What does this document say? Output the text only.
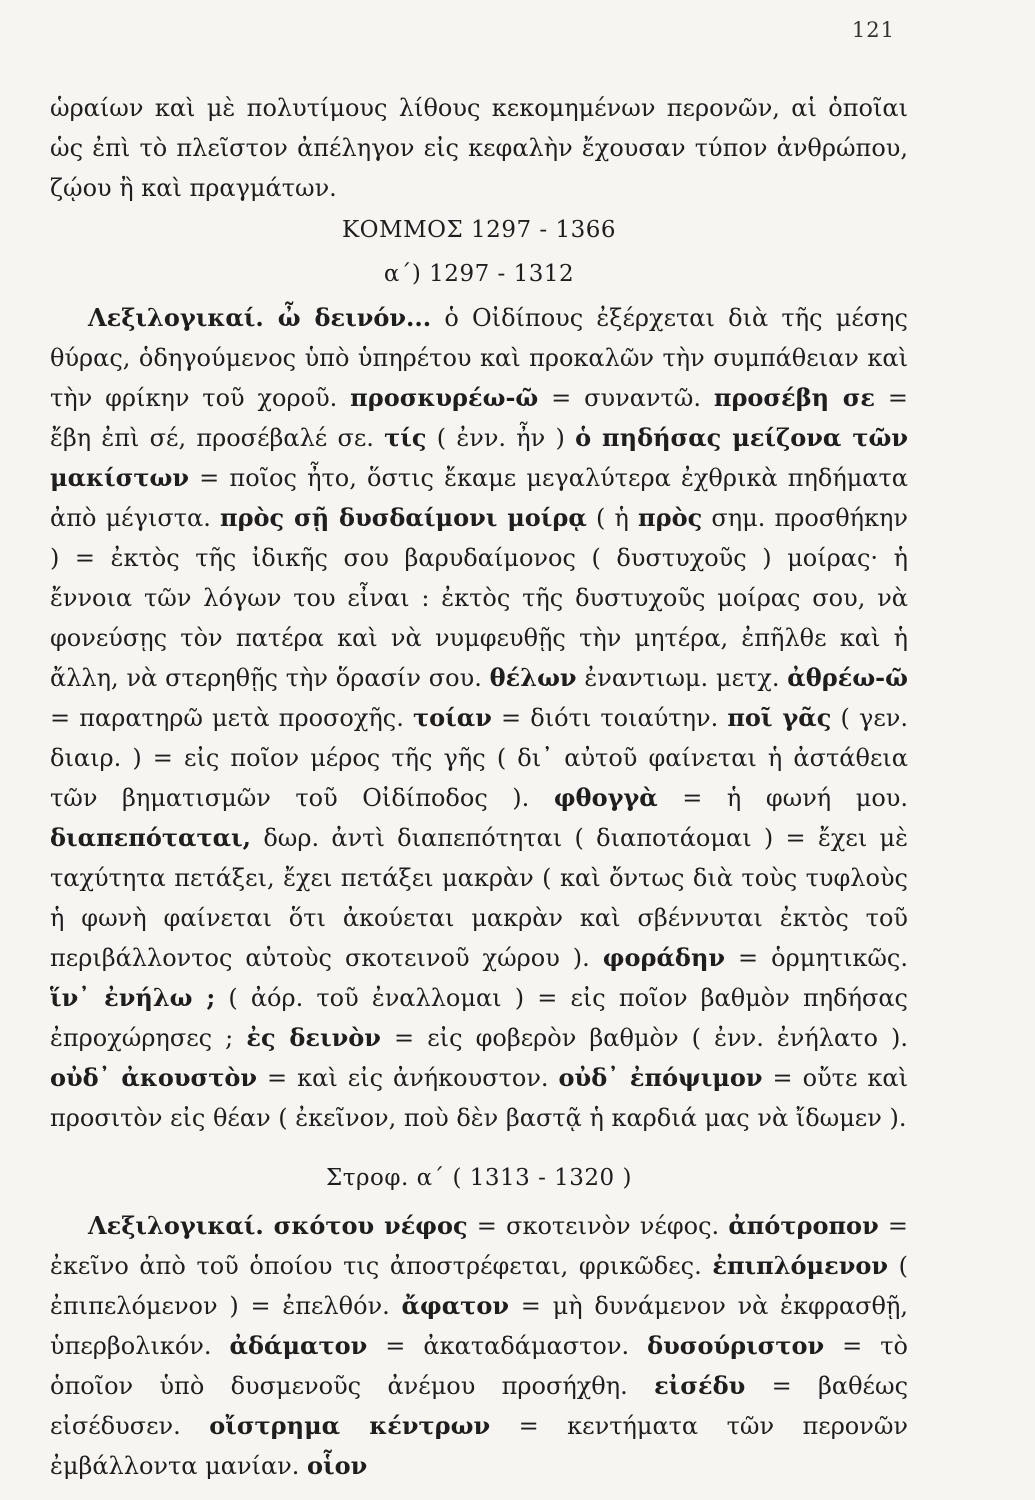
121

ὡραίων καὶ μὲ πολυτίμους λίθους κεκομημένων περονῶν, αἱ ὁποῖαι ὡς ἐπὶ τὸ πλεῖστον ἀπέληγον εἰς κεφαλὴν ἔχουσαν τύπον ἀνθρώπου, ζῴου ἢ καὶ πραγμάτων.

ΚΟΜΜΟΣ 1297 - 1366

α΄) 1297 - 1312

Λεξιλογικαί. ὦ δεινόν... ὁ Οἰδίπους ἐξέρχεται διὰ τῆς μέσης θύρας, ὁδηγούμενος ὑπὸ ὑπηρέτου καὶ προκαλῶν τὴν συμπάθειαν καὶ τὴν φρίκην τοῦ χοροῦ. προσκυρέω-ῶ = συναντῶ. προσέβη σε = ἔβη ἐπὶ σέ, προσέβαλέ σε. τίς ( ἐνν. ἦν ) ὁ πηδήσας μείζονα τῶν μακίστων = ποῖος ἦτο, ὅστις ἔκαμε μεγαλύτερα ἐχθρικὰ πηδήματα ἀπὸ μέγιστα. πρὸς σῇ δυσδαίμονι μοίρᾳ ( ἡ πρὸς σημ. προσθήκην ) = ἐκτὸς τῆς ἰδικῆς σου βαρυδαίμονος ( δυστυχοῦς ) μοίρας· ἡ ἔννοια τῶν λόγων του εἶναι : ἐκτὸς τῆς δυστυχοῦς μοίρας σου, νὰ φονεύσῃς τὸν πατέρα καὶ νὰ νυμφευθῇς τὴν μητέρα, ἐπῆλθε καὶ ἡ ἄλλη, νὰ στερηθῇς τὴν ὅρασίν σου. θέλων ἐναντιωμ. μετχ. ἀθρέω-ῶ = παρατηρῶ μετὰ προσοχῆς. τοίαν = διότι τοιαύτην. ποῖ γᾶς ( γεν. διαιρ. ) = εἰς ποῖον μέρος τῆς γῆς ( δι᾽ αὐτοῦ φαίνεται ἡ ἀστάθεια τῶν βηματισμῶν τοῦ Οἰδίποδος ). φθογγὰ = ἡ φωνή μου. διαπεπόταται, δωρ. ἀντὶ διαπεπότηται ( διαποτάομαι ) = ἔχει μὲ ταχύτητα πετάξει, ἔχει πετάξει μακρὰν ( καὶ ὄντως διὰ τοὺς τυφλοὺς ἡ φωνὴ φαίνεται ὅτι ἀκούεται μακρὰν καὶ σβέννυται ἐκτὸς τοῦ περιβάλλοντος αὐτοὺς σκοτεινοῦ χώρου ). φοράδην = ὁρμητικῶς. ἵν᾽ ἐνήλω ; ( ἀόρ. τοῦ ἐναλλομαι ) = εἰς ποῖον βαθμὸν πηδήσας ἐπροχώρησες ; ἐς δεινὸν = εἰς φοβερὸν βαθμὸν ( ἐνν. ἐνήλατο ). οὐδ᾽ ἀκουστὸν = καὶ εἰς ἀνήκουστον. οὐδ᾽ ἐπόψιμον = οὔτε καὶ προσιτὸν εἰς θέαν ( ἐκεῖνον, ποὺ δὲν βαστᾷ ἡ καρδιά μας νὰ ἴδωμεν ).

Στροφ. α΄ ( 1313 - 1320 )

Λεξιλογικαί. σκότου νέφος = σκοτεινὸν νέφος. ἀπότροπον = ἐκεῖνο ἀπὸ τοῦ ὁποίου τις ἀποστρέφεται, φρικῶδες. ἐπιπλόμενον ( ἐπιπελόμενον ) = ἐπελθόν. ἄφατον = μὴ δυνάμενον νὰ ἐκφρασθῇ, ὑπερβολικόν. ἀδάματον = ἀκαταδάμαστον. δυσούριστον = τὸ ὁποῖον ὑπὸ δυσμενοῦς ἀνέμου προσήχθη. εἰσέδυ = βαθέως εἰσέδυσεν. οἴστρημα κέντρων = κεντήματα τῶν περονῶν ἐμβάλλοντα μανίαν. οἷον
